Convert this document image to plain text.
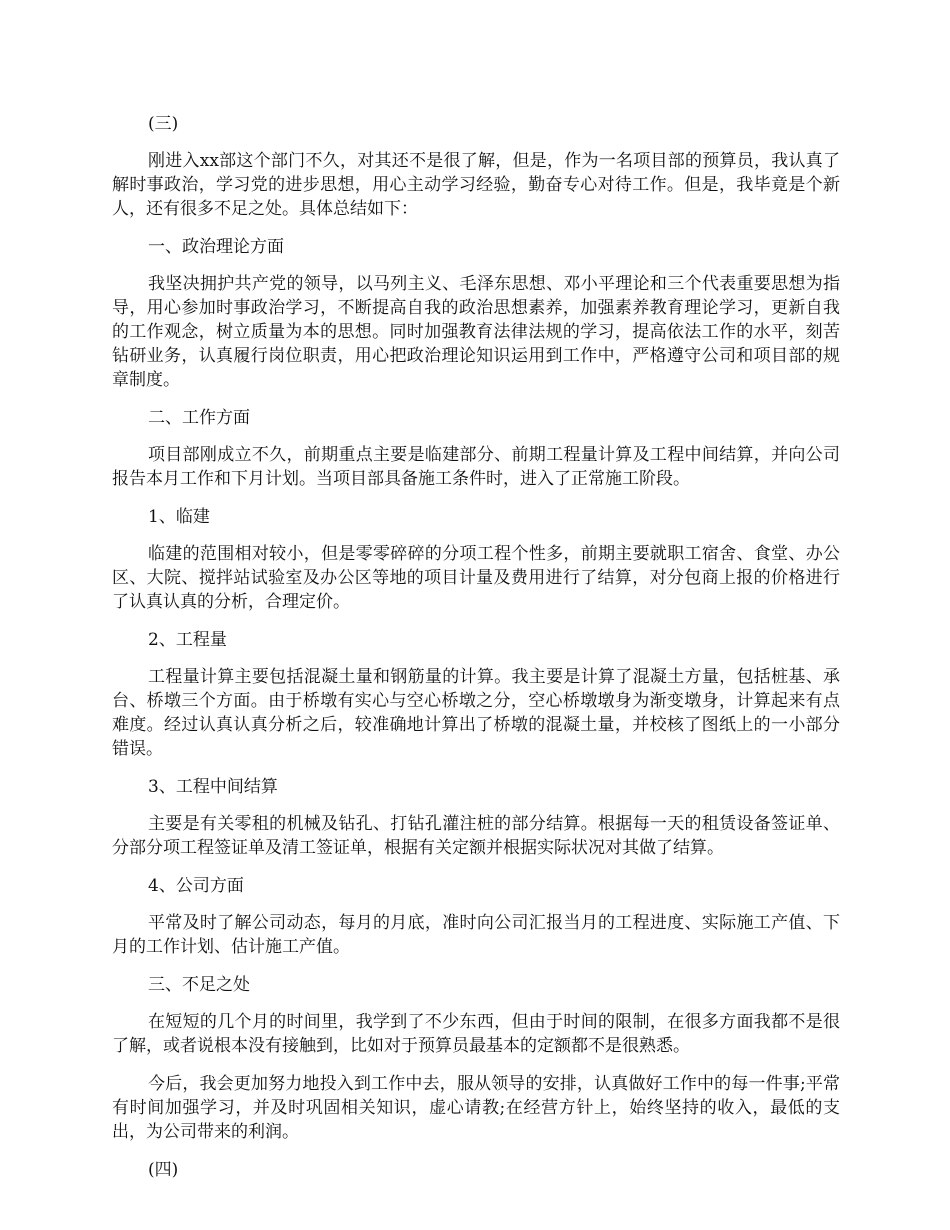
(三)

刚进入xx部这个部门不久，对其还不是很了解，但是，作为一名项目部的预算员，我认真了解时事政治，学习党的进步思想，用心主动学习经验，勤奋专心对待工作。但是，我毕竟是个新人，还有很多不足之处。具体总结如下：

一、政治理论方面

我坚决拥护共产党的领导，以马列主义、毛泽东思想、邓小平理论和三个代表重要思想为指导，用心参加时事政治学习，不断提高自我的政治思想素养，加强素养教育理论学习，更新自我的工作观念，树立质量为本的思想。同时加强教育法律法规的学习，提高依法工作的水平，刻苦钻研业务，认真履行岗位职责，用心把政治理论知识运用到工作中，严格遵守公司和项目部的规章制度。

二、工作方面

项目部刚成立不久，前期重点主要是临建部分、前期工程量计算及工程中间结算，并向公司报告本月工作和下月计划。当项目部具备施工条件时，进入了正常施工阶段。

1、临建

临建的范围相对较小，但是零零碎碎的分项工程个性多，前期主要就职工宿舍、食堂、办公区、大院、搅拌站试验室及办公区等地的项目计量及费用进行了结算，对分包商上报的价格进行了认真认真的分析，合理定价。

2、工程量

工程量计算主要包括混凝土量和钢筋量的计算。我主要是计算了混凝土方量，包括桩基、承台、桥墩三个方面。由于桥墩有实心与空心桥墩之分，空心桥墩墩身为渐变墩身，计算起来有点难度。经过认真认真分析之后，较准确地计算出了桥墩的混凝土量，并校核了图纸上的一小部分错误。

3、工程中间结算

主要是有关零租的机械及钻孔、打钻孔灌注桩的部分结算。根据每一天的租赁设备签证单、分部分项工程签证单及清工签证单，根据有关定额并根据实际状况对其做了结算。

4、公司方面

平常及时了解公司动态，每月的月底，准时向公司汇报当月的工程进度、实际施工产值、下月的工作计划、估计施工产值。

三、不足之处

在短短的几个月的时间里，我学到了不少东西，但由于时间的限制，在很多方面我都不是很了解，或者说根本没有接触到，比如对于预算员最基本的定额都不是很熟悉。

今后，我会更加努力地投入到工作中去，服从领导的安排，认真做好工作中的每一件事;平常有时间加强学习，并及时巩固相关知识，虚心请教;在经营方针上，始终坚持的收入，最低的支出，为公司带来的利润。

(四)
